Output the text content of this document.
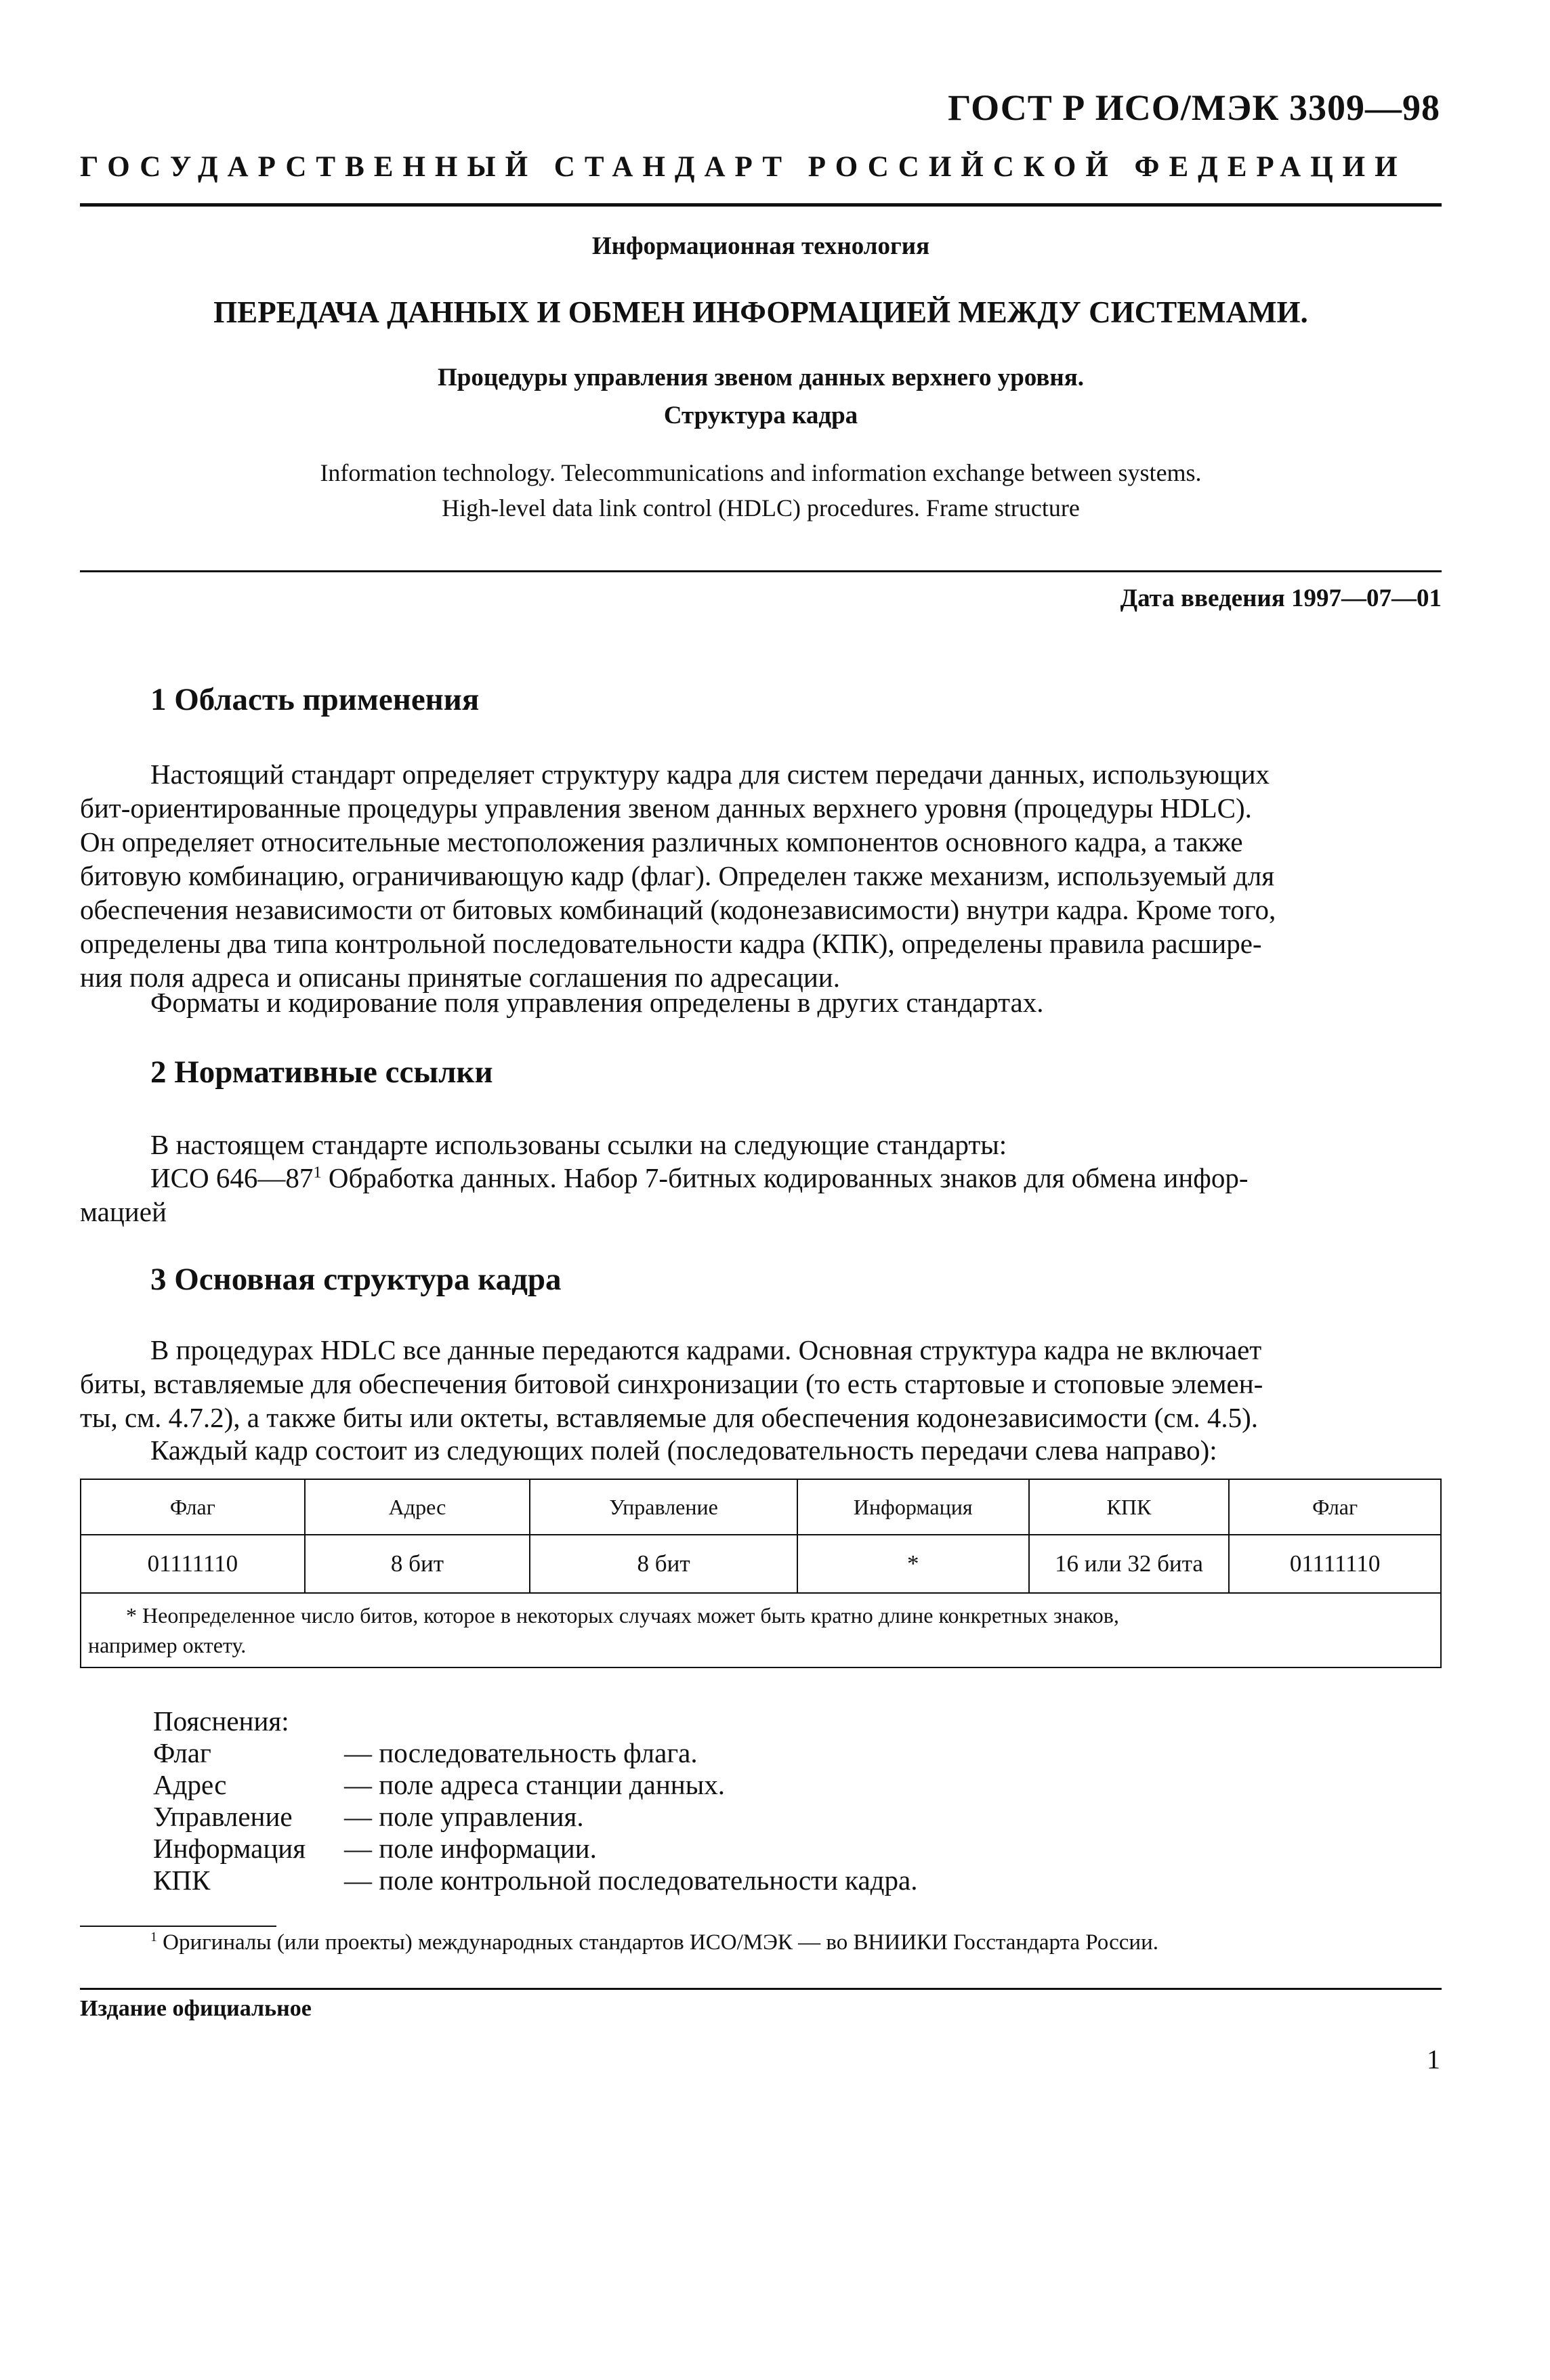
ГОСТ Р ИСО/МЭК 3309—98
ГОСУДАРСТВЕННЫЙ СТАНДАРТ РОССИЙСКОЙ ФЕДЕРАЦИИ
Информационная технология
ПЕРЕДАЧА ДАННЫХ И ОБМЕН ИНФОРМАЦИЕЙ МЕЖДУ СИСТЕМАМИ.
Процедуры управления звеном данных верхнего уровня.
Структура кадра
Information technology. Telecommunications and information exchange between systems.
High-level data link control (HDLC) procedures. Frame structure
Дата введения 1997—07—01
1 Область применения
Настоящий стандарт определяет структуру кадра для систем передачи данных, использующих
бит-ориентированные процедуры управления звеном данных верхнего уровня (процедуры HDLC).
Он определяет относительные местоположения различных компонентов основного кадра, а также
битовую комбинацию, ограничивающую кадр (флаг). Определен также механизм, используемый для
обеспечения независимости от битовых комбинаций (кодонезависимости) внутри кадра. Кроме того,
определены два типа контрольной последовательности кадра (КПК), определены правила расшире-
ния поля адреса и описаны принятые соглашения по адресации.
Форматы и кодирование поля управления определены в других стандартах.
2 Нормативные ссылки
В настоящем стандарте использованы ссылки на следующие стандарты:
ИСО $646—87^1$ Обработка данных. Набор 7-битных кодированных знаков для обмена инфор-
мацией
3 Основная структура кадра
В процедурах HDLC все данные передаются кадрами. Основная структура кадра не включает
биты, вставляемые для обеспечения битовой синхронизации (то есть стартовые и стоповые элемен-
ты, см. 4.7.2), а также биты или октеты, вставляемые для обеспечения кодонезависимости (см. 4.5).
Каждый кадр состоит из следующих полей (последовательность передачи слева направо):
Флаг	Адрес	Управление	Информация	КПК	Флаг
01111110	8 бит	8 бит	*	16 или 32 бита	01111110

* Неопределенное число битов, которое в некоторых случаях может быть кратно длине конкретных знаков,
например октету.					
Пояснения:
Флаг	— последовательность флага.
Адрес	— поле адреса станции данных.
Управление — поле управления.
Информация — поле информации.
КПК	— поле контрольной последовательности кадра.
$^1$ Оригиналы (или проекты) международных стандартов ИСО/МЭК — во ВНИИКИ Госстандарта России.
Издание официальное
1
